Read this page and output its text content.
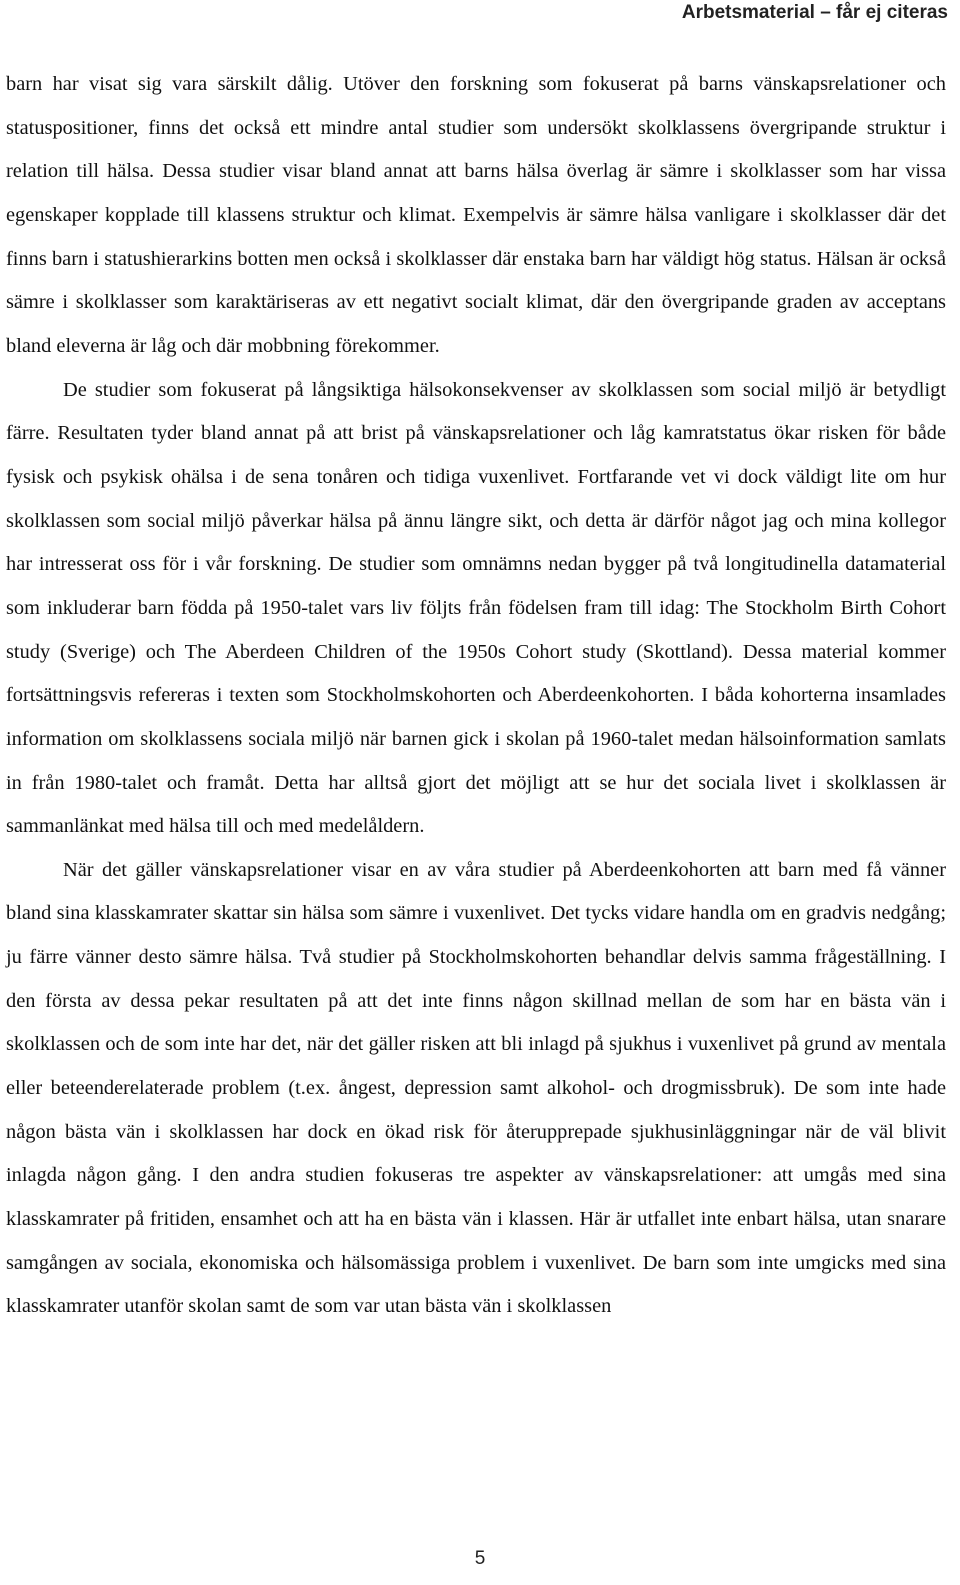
Arbetsmaterial – får ej citeras

barn har visat sig vara särskilt dålig. Utöver den forskning som fokuserat på barns vänskapsrelationer och statuspositioner, finns det också ett mindre antal studier som undersökt skolklassens övergripande struktur i relation till hälsa. Dessa studier visar bland annat att barns hälsa överlag är sämre i skolklasser som har vissa egenskaper kopplade till klassens struktur och klimat. Exempelvis är sämre hälsa vanligare i skolklasser där det finns barn i statushierarkins botten men också i skolklasser där enstaka barn har väldigt hög status. Hälsan är också sämre i skolklasser som karaktäriseras av ett negativt socialt klimat, där den övergripande graden av acceptans bland eleverna är låg och där mobbning förekommer.

De studier som fokuserat på långsiktiga hälsokonsekvenser av skolklassen som social miljö är betydligt färre. Resultaten tyder bland annat på att brist på vänskapsrelationer och låg kamratstatus ökar risken för både fysisk och psykisk ohälsa i de sena tonåren och tidiga vuxenlivet. Fortfarande vet vi dock väldigt lite om hur skolklassen som social miljö påverkar hälsa på ännu längre sikt, och detta är därför något jag och mina kollegor har intresserat oss för i vår forskning. De studier som omnämns nedan bygger på två longitudinella datamaterial som inkluderar barn födda på 1950-talet vars liv följts från födelsen fram till idag: The Stockholm Birth Cohort study (Sverige) och The Aberdeen Children of the 1950s Cohort study (Skottland). Dessa material kommer fortsättningsvis refereras i texten som Stockholmskohorten och Aberdeenkohorten. I båda kohorterna insamlades information om skolklassens sociala miljö när barnen gick i skolan på 1960-talet medan hälsoinformation samlats in från 1980-talet och framåt. Detta har alltså gjort det möjligt att se hur det sociala livet i skolklassen är sammanlänkat med hälsa till och med medelåldern.

När det gäller vänskapsrelationer visar en av våra studier på Aberdeenkohorten att barn med få vänner bland sina klasskamrater skattar sin hälsa som sämre i vuxenlivet. Det tycks vidare handla om en gradvis nedgång; ju färre vänner desto sämre hälsa. Två studier på Stockholmskohorten behandlar delvis samma frågeställning. I den första av dessa pekar resultaten på att det inte finns någon skillnad mellan de som har en bästa vän i skolklassen och de som inte har det, när det gäller risken att bli inlagd på sjukhus i vuxenlivet på grund av mentala eller beteenderelaterade problem (t.ex. ångest, depression samt alkohol- och drogmissbruk). De som inte hade någon bästa vän i skolklassen har dock en ökad risk för återupprepade sjukhusinläggningar när de väl blivit inlagda någon gång. I den andra studien fokuseras tre aspekter av vänskapsrelationer: att umgås med sina klasskamrater på fritiden, ensamhet och att ha en bästa vän i klassen. Här är utfallet inte enbart hälsa, utan snarare samgången av sociala, ekonomiska och hälsomässiga problem i vuxenlivet. De barn som inte umgicks med sina klasskamrater utanför skolan samt de som var utan bästa vän i skolklassen

5
